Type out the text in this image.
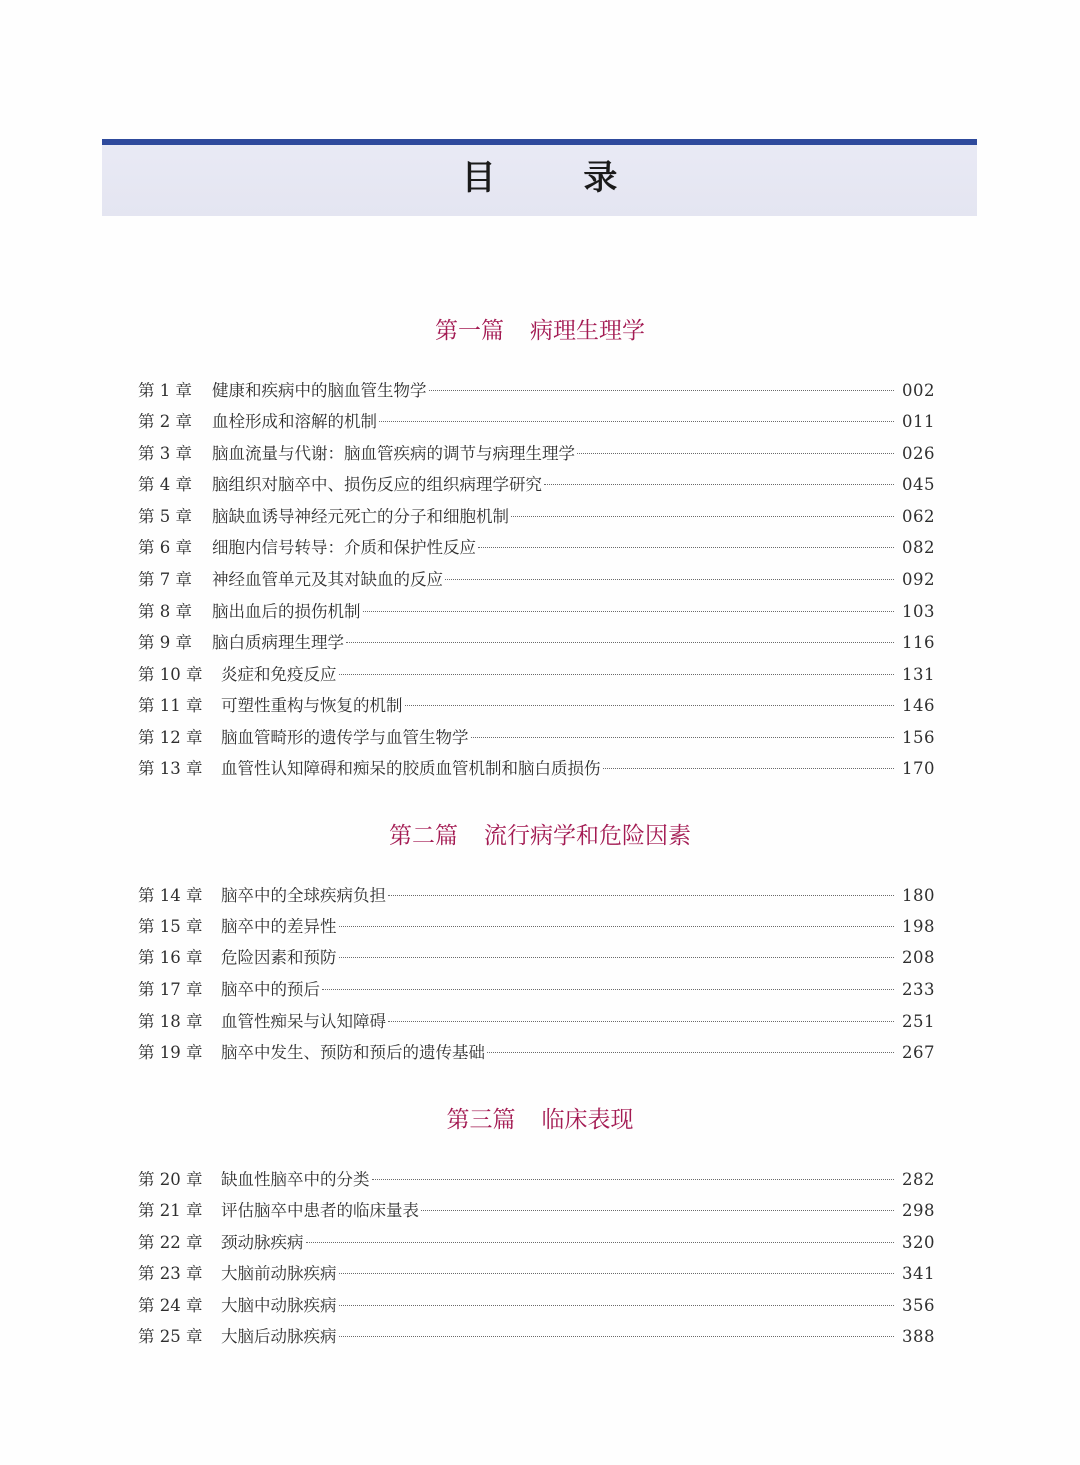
目 录
第一篇 病理生理学
第 1 章	健康和疾病中的脑血管生物学	002
第 2 章	血栓形成和溶解的机制	011
第 3 章	脑血流量与代谢：脑血管疾病的调节与病理生理学	026
第 4 章	脑组织对脑卒中、损伤反应的组织病理学研究	045
第 5 章	脑缺血诱导神经元死亡的分子和细胞机制	062
第 6 章	细胞内信号转导：介质和保护性反应	082
第 7 章	神经血管单元及其对缺血的反应	092
第 8 章	脑出血后的损伤机制	103
第 9 章	脑白质病理生理学	116
第 10 章	炎症和免疫反应	131
第 11 章	可塑性重构与恢复的机制	146
第 12 章	脑血管畸形的遗传学与血管生物学	156
第 13 章	血管性认知障碍和痴呆的胶质血管机制和脑白质损伤	170
第二篇 流行病学和危险因素
第 14 章	脑卒中的全球疾病负担	180
第 15 章	脑卒中的差异性	198
第 16 章	危险因素和预防	208
第 17 章	脑卒中的预后	233
第 18 章	血管性痴呆与认知障碍	251
第 19 章	脑卒中发生、预防和预后的遗传基础	267
第三篇 临床表现
第 20 章	缺血性脑卒中的分类	282
第 21 章	评估脑卒中患者的临床量表	298
第 22 章	颈动脉疾病	320
第 23 章	大脑前动脉疾病	341
第 24 章	大脑中动脉疾病	356
第 25 章	大脑后动脉疾病	388
